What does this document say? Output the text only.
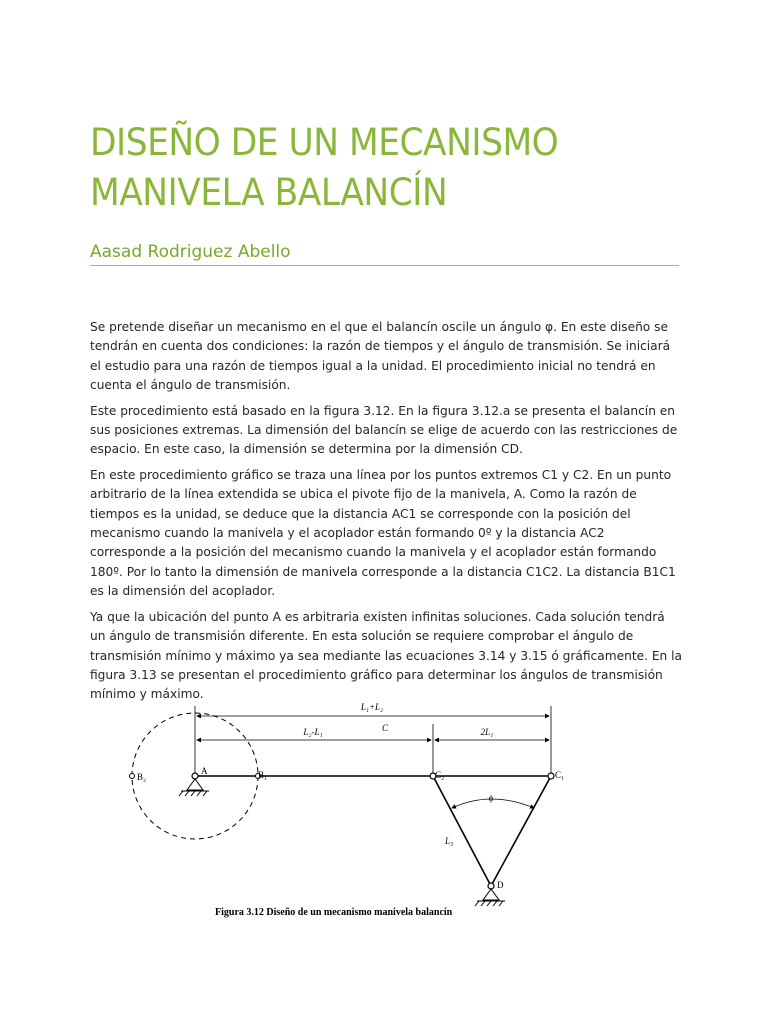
DISEÑO DE UN MECANISMO
MANIVELA BALANCÍN
Aasad Rodriguez Abello

Se pretende diseñar un mecanismo en el que el balancín oscile un ángulo φ. En este diseño se tendrán en cuenta dos condiciones: la razón de tiempos y el ángulo de transmisión. Se iniciará el estudio para una razón de tiempos igual a la unidad. El procedimiento inicial no tendrá en cuenta el ángulo de transmisión.

Este procedimiento está basado en la figura 3.12. En la figura 3.12.a se presenta el balancín en sus posiciones extremas. La dimensión del balancín se elige de acuerdo con las restricciones de espacio. En este caso, la dimensión se determina por la dimensión CD.

En este procedimiento gráfico se traza una línea por los puntos extremos C1 y C2. En un punto arbitrario de la línea extendida se ubica el pivote fijo de la manivela, A. Como la razón de tiempos es la unidad, se deduce que la distancia AC1 se corresponde con la posición del mecanismo cuando la manivela y el acoplador están formando 0º y la distancia AC2 corresponde a la posición del mecanismo cuando la manivela y el acoplador están formando 180º. Por lo tanto la dimensión de manivela corresponde a la distancia C1C2. La distancia B1C1 es la dimensión del acoplador.

Ya que la ubicación del punto A es arbitraria existen infinitas soluciones. Cada solución tendrá un ángulo de transmisión diferente. En esta solución se requiere comprobar el ángulo de transmisión mínimo y máximo ya sea mediante las ecuaciones 3.14 y 3.15 ó gráficamente. En la figura 3.13 se presentan el procedimiento gráfico para determinar los ángulos de transmisión mínimo y máximo.

L₁+L₂
C
L₂-L₁	2L₁
ϕ
L₃
B₂
A	B₁	C₂	C₁
D
Figura 3.12 Diseño de un mecanismo manivela balancín
